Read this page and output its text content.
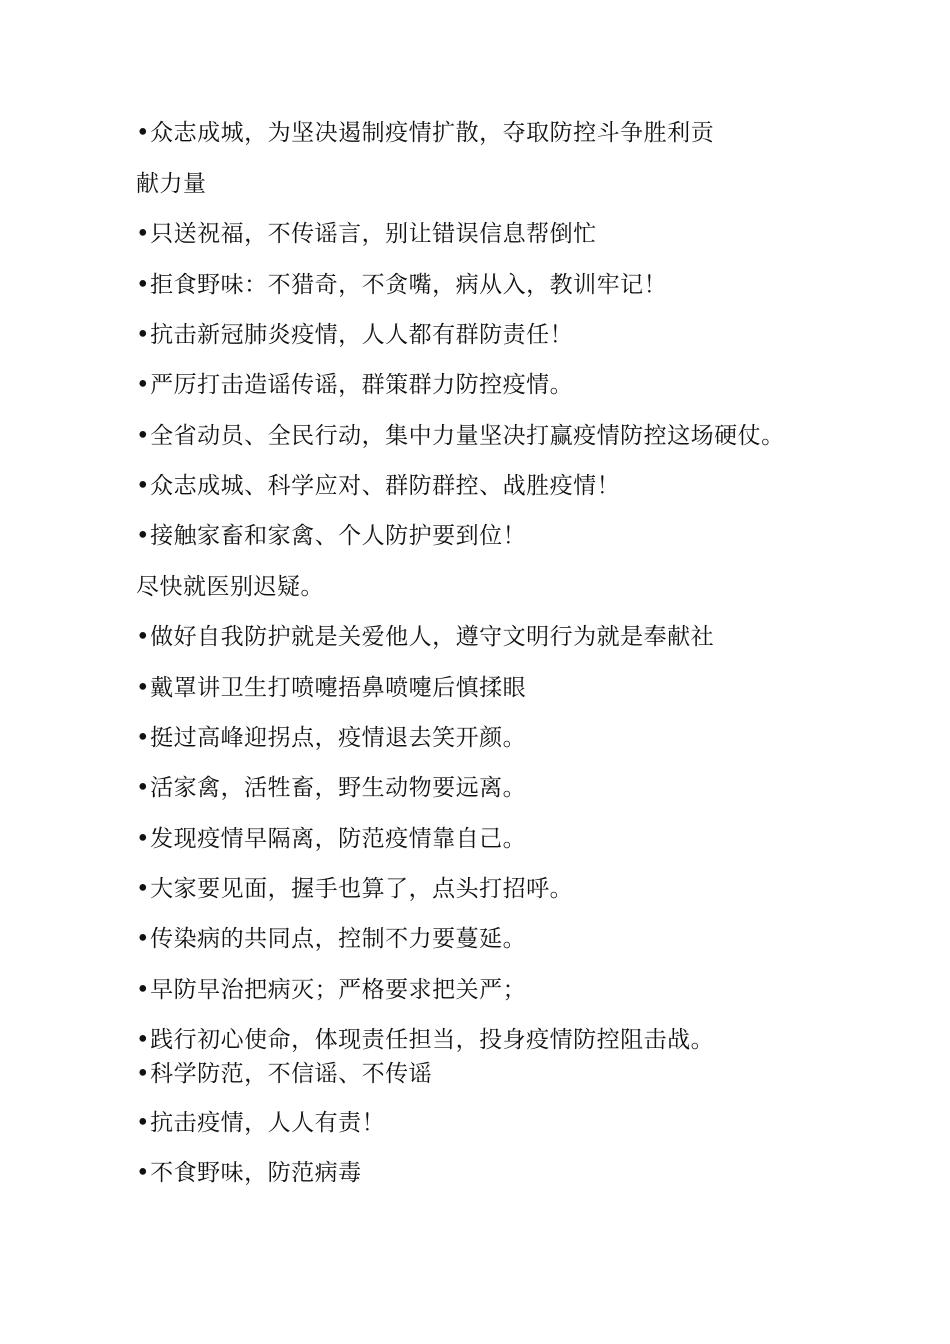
•众志成城，为坚决遏制疫情扩散，夺取防控斗争胜利贡
献力量
•只送祝福，不传谣言，别让错误信息帮倒忙
•拒食野味：不猎奇，不贪嘴，病从入，教训牢记！
•抗击新冠肺炎疫情，人人都有群防责任！
•严厉打击造谣传谣，群策群力防控疫情。
•全省动员、全民行动，集中力量坚决打赢疫情防控这场硬仗。
•众志成城、科学应对、群防群控、战胜疫情！
•接触家畜和家禽、个人防护要到位！
尽快就医别迟疑。
•做好自我防护就是关爱他人，遵守文明行为就是奉献社
•戴罩讲卫生打喷嚏捂鼻喷嚏后慎揉眼
•挺过高峰迎拐点，疫情退去笑开颜。
•活家禽，活牲畜，野生动物要远离。
•发现疫情早隔离，防范疫情靠自己。
•大家要见面，握手也算了，点头打招呼。
•传染病的共同点，控制不力要蔓延。
•早防早治把病灭；严格要求把关严；
•践行初心使命，体现责任担当，投身疫情防控阻击战。
•科学防范，不信谣、不传谣
•抗击疫情，人人有责！
•不食野味，防范病毒
